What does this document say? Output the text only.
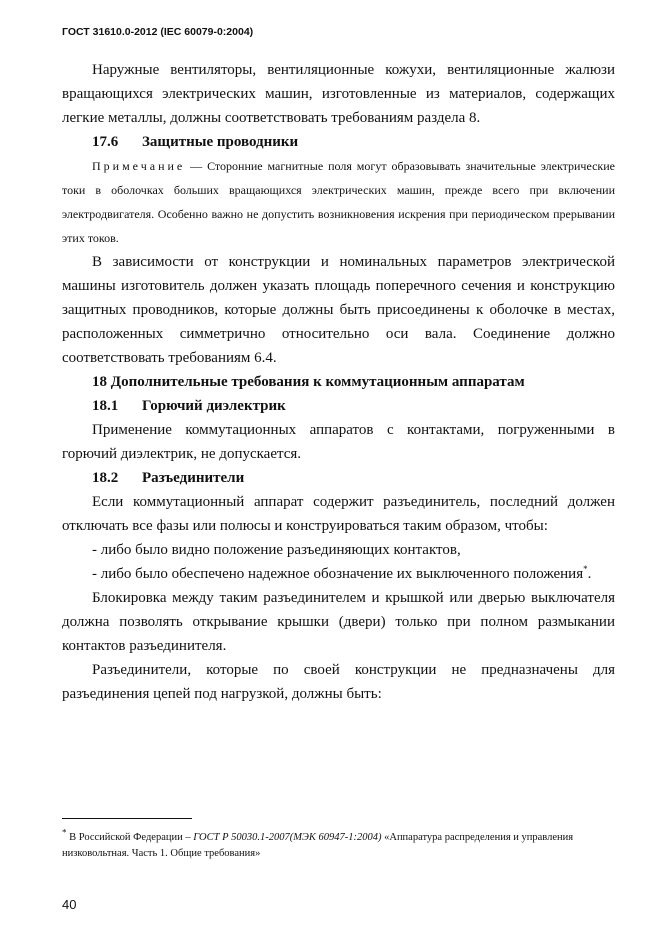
ГОСТ 31610.0-2012 (IEC 60079-0:2004)

Наружные вентиляторы, вентиляционные кожухи, вентиляционные жалюзи вращающихся электрических машин, изготовленные из материалов, содержащих легкие металлы, должны соответствовать требованиям раздела 8.

17.6 Защитные проводники

Примечание — Сторонние магнитные поля могут образовывать значительные электрические токи в оболочках больших вращающихся электрических машин, прежде всего при включении электродвигателя. Особенно важно не допустить возникновения искрения при периодическом прерывании этих токов.

В зависимости от конструкции и номинальных параметров электрической машины изготовитель должен указать площадь поперечного сечения и конструкцию защитных проводников, которые должны быть присоединены к оболочке в местах, расположенных симметрично относительно оси вала. Соединение должно соответствовать требованиям 6.4.

18 Дополнительные требования к коммутационным аппаратам

18.1 Горючий диэлектрик

Применение коммутационных аппаратов с контактами, погруженными в горючий диэлектрик, не допускается.

18.2 Разъединители

Если коммутационный аппарат содержит разъединитель, последний должен отключать все фазы или полюсы и конструироваться таким образом, чтобы:

- либо было видно положение разъединяющих контактов,

- либо было обеспечено надежное обозначение их выключенного положения*.

Блокировка между таким разъединителем и крышкой или дверью выключателя должна позволять открывание крышки (двери) только при полном размыкании контактов разъединителя.

Разъединители, которые по своей конструкции не предназначены для разъединения цепей под нагрузкой, должны быть:

* В Российской Федерации – ГОСТ Р 50030.1-2007(МЭК 60947-1:2004) «Аппаратура распределения и управления низковольтная. Часть 1. Общие требования»
40
